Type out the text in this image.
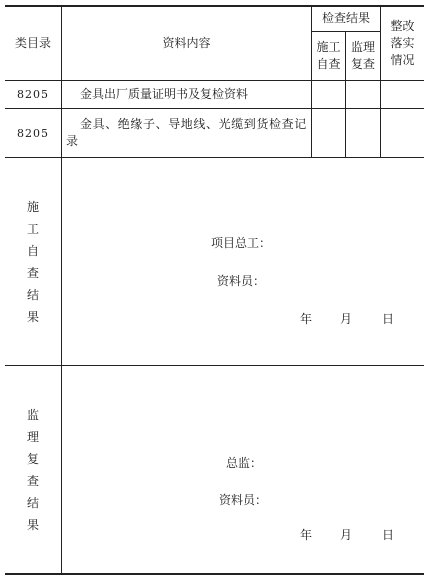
类目录	资料内容
检查结果
施工
自查
监理
复查
整改
落实
情况
8205	金具出厂质量证明书及复检资料
8205
金具、绝缘子、导地线、光缆到货检查记录
施
工
自
查
结
果
项目总工：
资料员：
年 月 日
监
理
复
查
结
果
总监：
资料员：
年 月 日
